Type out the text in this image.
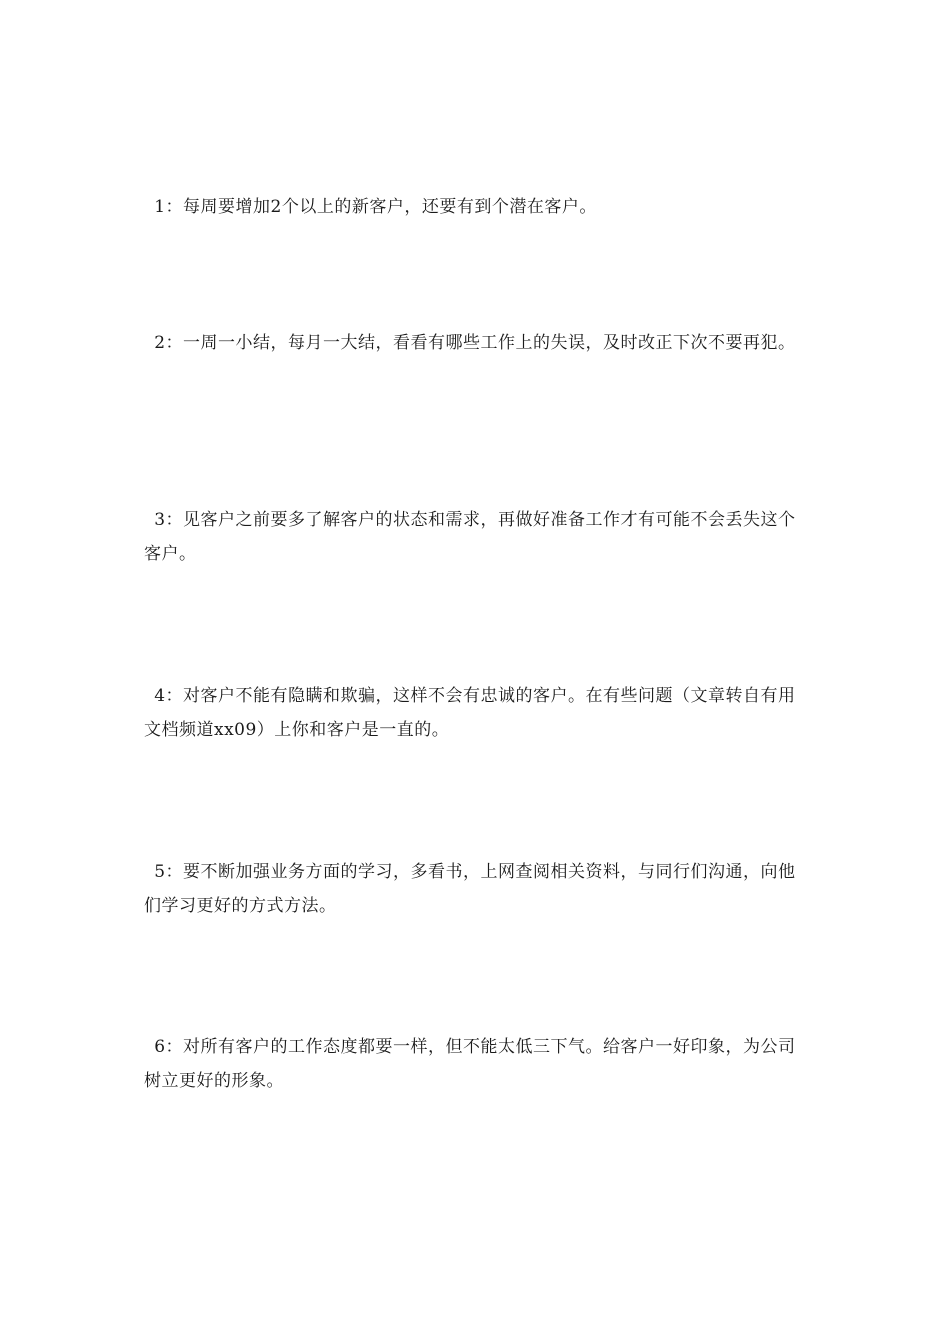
1：每周要增加2个以上的新客户，还要有到个潜在客户。

2：一周一小结，每月一大结，看看有哪些工作上的失误，及时改正下次不要再犯。

3：见客户之前要多了解客户的状态和需求，再做好准备工作才有可能不会丢失这个客户。

4：对客户不能有隐瞒和欺骗，这样不会有忠诚的客户。在有些问题（文章转自有用文档频道xx09）上你和客户是一直的。

5：要不断加强业务方面的学习，多看书，上网查阅相关资料，与同行们沟通，向他们学习更好的方式方法。

6：对所有客户的工作态度都要一样，但不能太低三下气。给客户一好印象，为公司树立更好的形象。
